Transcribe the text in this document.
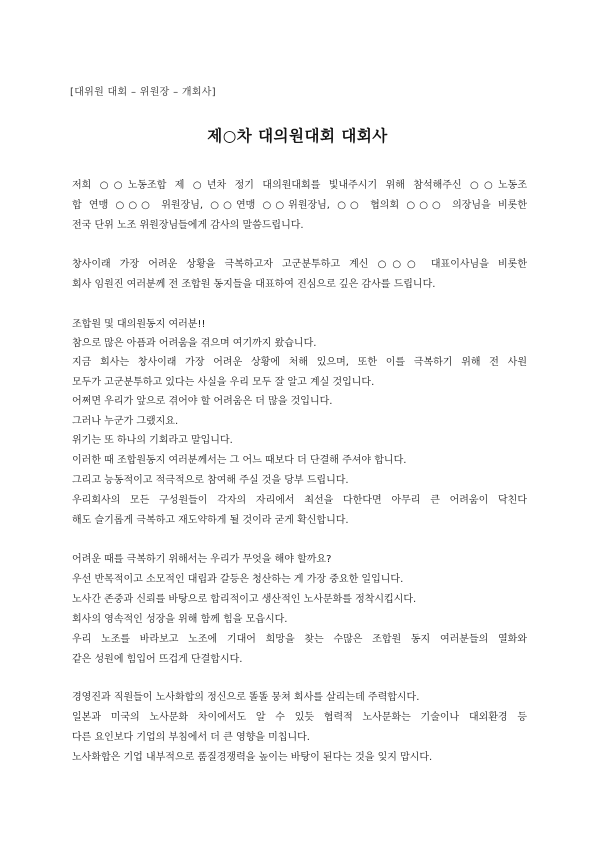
[대위원 대회 – 위원장 – 개회사]
제○차 대의원대회 대회사
저희 ○○노동조합 제 ○년차 정기 대의원대회를 빛내주시기 위해 참석해주신 ○○노동조
합 연맹 ○○○ 위원장님, ○○연맹 ○○위원장님, ○○ 협의회 ○○○ 의장님을 비롯한
전국 단위 노조 위원장님들에게 감사의 말씀드립니다.
창사이래 가장 어려운 상황을 극복하고자 고군분투하고 계신 ○○○ 대표이사님을 비롯한
회사 임원진 여러분께 전 조합원 동지들을 대표하여 진심으로 깊은 감사를 드립니다.
조합원 및 대의원동지 여러분!!
참으로 많은 아픔과 어려움을 겪으며 여기까지 왔습니다.
지금 회사는 창사이래 가장 어려운 상황에 처해 있으며, 또한 이를 극복하기 위해 전 사원
모두가 고군분투하고 있다는 사실을 우리 모두 잘 알고 계실 것입니다.
어쩌면 우리가 앞으로 겪어야 할 어려움은 더 많을 것입니다.
그러나 누군가 그랬지요.
위기는 또 하나의 기회라고 말입니다.
이러한 때 조합원동지 여러분께서는 그 어느 때보다 더 단결해 주셔야 합니다.
그리고 능동적이고 적극적으로 참여해 주실 것을 당부 드립니다.
우리회사의 모든 구성원들이 각자의 자리에서 최선을 다한다면 아무리 큰 어려움이 닥친다
해도 슬기롭게 극복하고 재도약하게 될 것이라 굳게 확신합니다.
어려운 때를 극복하기 위해서는 우리가 무엇을 해야 할까요?
우선 반목적이고 소모적인 대립과 갈등은 청산하는 게 가장 중요한 일입니다.
노사간 존중과 신뢰를 바탕으로 합리적이고 생산적인 노사문화를 정착시킵시다.
회사의 영속적인 성장을 위해 함께 힘을 모읍시다.
우리 노조를 바라보고 노조에 기대어 희망을 찾는 수많은 조합원 동지 여러분들의 열화와
같은 성원에 힘입어 뜨겁게 단결합시다.
경영진과 직원들이 노사화합의 정신으로 똘똘 뭉쳐 회사를 살리는데 주력합시다.
일본과 미국의 노사문화 차이에서도 알 수 있듯 협력적 노사문화는 기술이나 대외환경 등
다른 요인보다 기업의 부침에서 더 큰 영향을 미칩니다.
노사화합은 기업 내부적으로 품질경쟁력을 높이는 바탕이 된다는 것을 잊지 맙시다.
